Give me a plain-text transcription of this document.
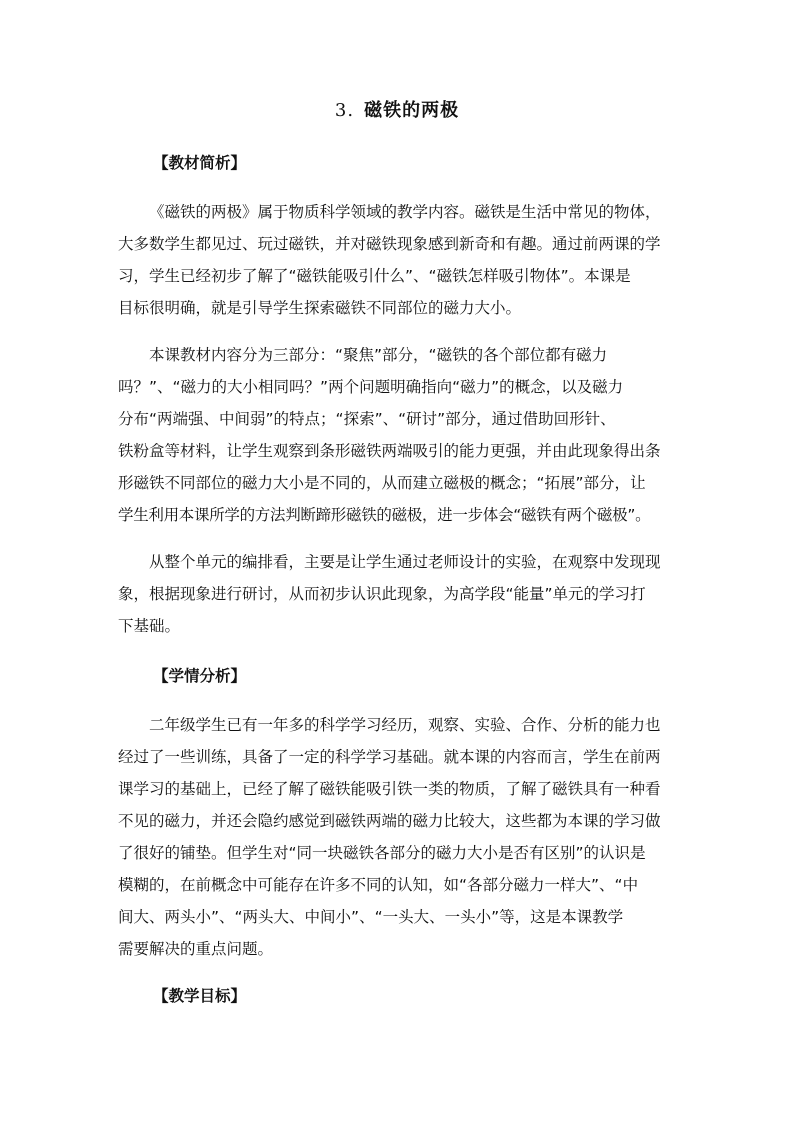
3. 磁铁的两极
【教材简析】
《磁铁的两极》属于物质科学领域的教学内容。磁铁是生活中常见的物体，
大多数学生都见过、玩过磁铁，并对磁铁现象感到新奇和有趣。通过前两课的学
习，学生已经初步了解了“磁铁能吸引什么”、“磁铁怎样吸引物体”。本课是
目标很明确，就是引导学生探索磁铁不同部位的磁力大小。
本课教材内容分为三部分：“聚焦”部分，“磁铁的各个部位都有磁力
吗？”、“磁力的大小相同吗？”两个问题明确指向“磁力”的概念，以及磁力
分布“两端强、中间弱”的特点；“探索”、“研讨”部分，通过借助回形针、
铁粉盒等材料，让学生观察到条形磁铁两端吸引的能力更强，并由此现象得出条
形磁铁不同部位的磁力大小是不同的，从而建立磁极的概念；“拓展”部分，让
学生利用本课所学的方法判断蹄形磁铁的磁极，进一步体会“磁铁有两个磁极”。
从整个单元的编排看，主要是让学生通过老师设计的实验，在观察中发现现
象，根据现象进行研讨，从而初步认识此现象，为高学段“能量”单元的学习打
下基础。
【学情分析】
二年级学生已有一年多的科学学习经历，观察、实验、合作、分析的能力也
经过了一些训练，具备了一定的科学学习基础。就本课的内容而言，学生在前两
课学习的基础上，已经了解了磁铁能吸引铁一类的物质，了解了磁铁具有一种看
不见的磁力，并还会隐约感觉到磁铁两端的磁力比较大，这些都为本课的学习做
了很好的铺垫。但学生对“同一块磁铁各部分的磁力大小是否有区别”的认识是
模糊的，在前概念中可能存在许多不同的认知，如“各部分磁力一样大”、“中
间大、两头小”、“两头大、中间小”、“一头大、一头小”等，这是本课教学
需要解决的重点问题。
【教学目标】
